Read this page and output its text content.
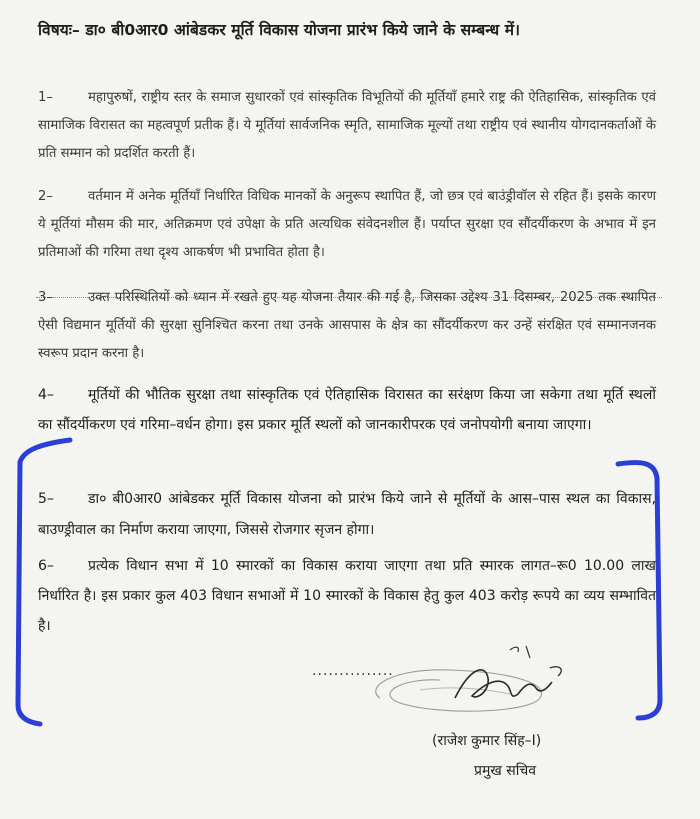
विषयः– डा० बी0आर0 आंबेडकर मूर्ति विकास योजना प्रारंभ किये जाने के सम्बन्ध में।
1–	महापुरुषों, राष्ट्रीय स्तर के समाज सुधारकों एवं सांस्कृतिक विभूतियों की मूर्तियाँ हमारे राष्ट्र की ऐतिहासिक, सांस्कृतिक एवं सामाजिक विरासत का महत्वपूर्ण प्रतीक हैं। ये मूर्तियां सार्वजनिक स्मृति, सामाजिक मूल्यों तथा राष्ट्रीय एवं स्थानीय योगदानकर्ताओं के प्रति सम्मान को प्रदर्शित करती हैं।
2–	वर्तमान में अनेक मूर्तियाँ निर्धारित विधिक मानकों के अनुरूप स्थापित हैं, जो छत्र एवं बाउंड्रीवॉल से रहित हैं। इसके कारण ये मूर्तियां मौसम की मार, अतिक्रमण एवं उपेक्षा के प्रति अत्यधिक संवेदनशील हैं। पर्याप्त सुरक्षा एव सौंदर्यीकरण के अभाव में इन प्रतिमाओं की गरिमा तथा दृश्य आकर्षण भी प्रभावित होता है।
3–	उक्त परिस्थितियों को ध्यान में रखते हुए यह योजना तैयार की गई है, जिसका उद्देश्य 31 दिसम्बर, 2025 तक स्थापित ऐसी विद्यमान मूर्तियों की सुरक्षा सुनिश्चित करना तथा उनके आसपास के क्षेत्र का सौंदर्यीकरण कर उन्हें संरक्षित एवं सम्मानजनक स्वरूप प्रदान करना है।
4– मूर्तियों की भौतिक सुरक्षा तथा सांस्कृतिक एवं ऐतिहासिक विरासत का सरंक्षण किया जा सकेगा तथा मूर्ति स्थलों का सौंदर्यीकरण एवं गरिमा–वर्धन होगा। इस प्रकार मूर्ति स्थलों को जानकारीपरक एवं जनोपयोगी बनाया जाएगा।
5– डा० बी0आर0 आंबेडकर मूर्ति विकास योजना को प्रारंभ किये जाने से मूर्तियों के आस–पास स्थल का विकास, बाउण्ड्रीवाल का निर्माण कराया जाएगा, जिससे रोजगार सृजन होगा।
6– प्रत्येक विधान सभा में 10 स्मारकों का विकास कराया जाएगा तथा प्रति स्मारक लागत–रू0 10.00 लाख निर्धारित है। इस प्रकार कुल 403 विधान सभाओं में 10 स्मारकों के विकास हेतु कुल 403 करोड़ रूपये का व्यय सम्भावित है।
...............
(राजेश कुमार सिंह–I)
प्रमुख सचिव
